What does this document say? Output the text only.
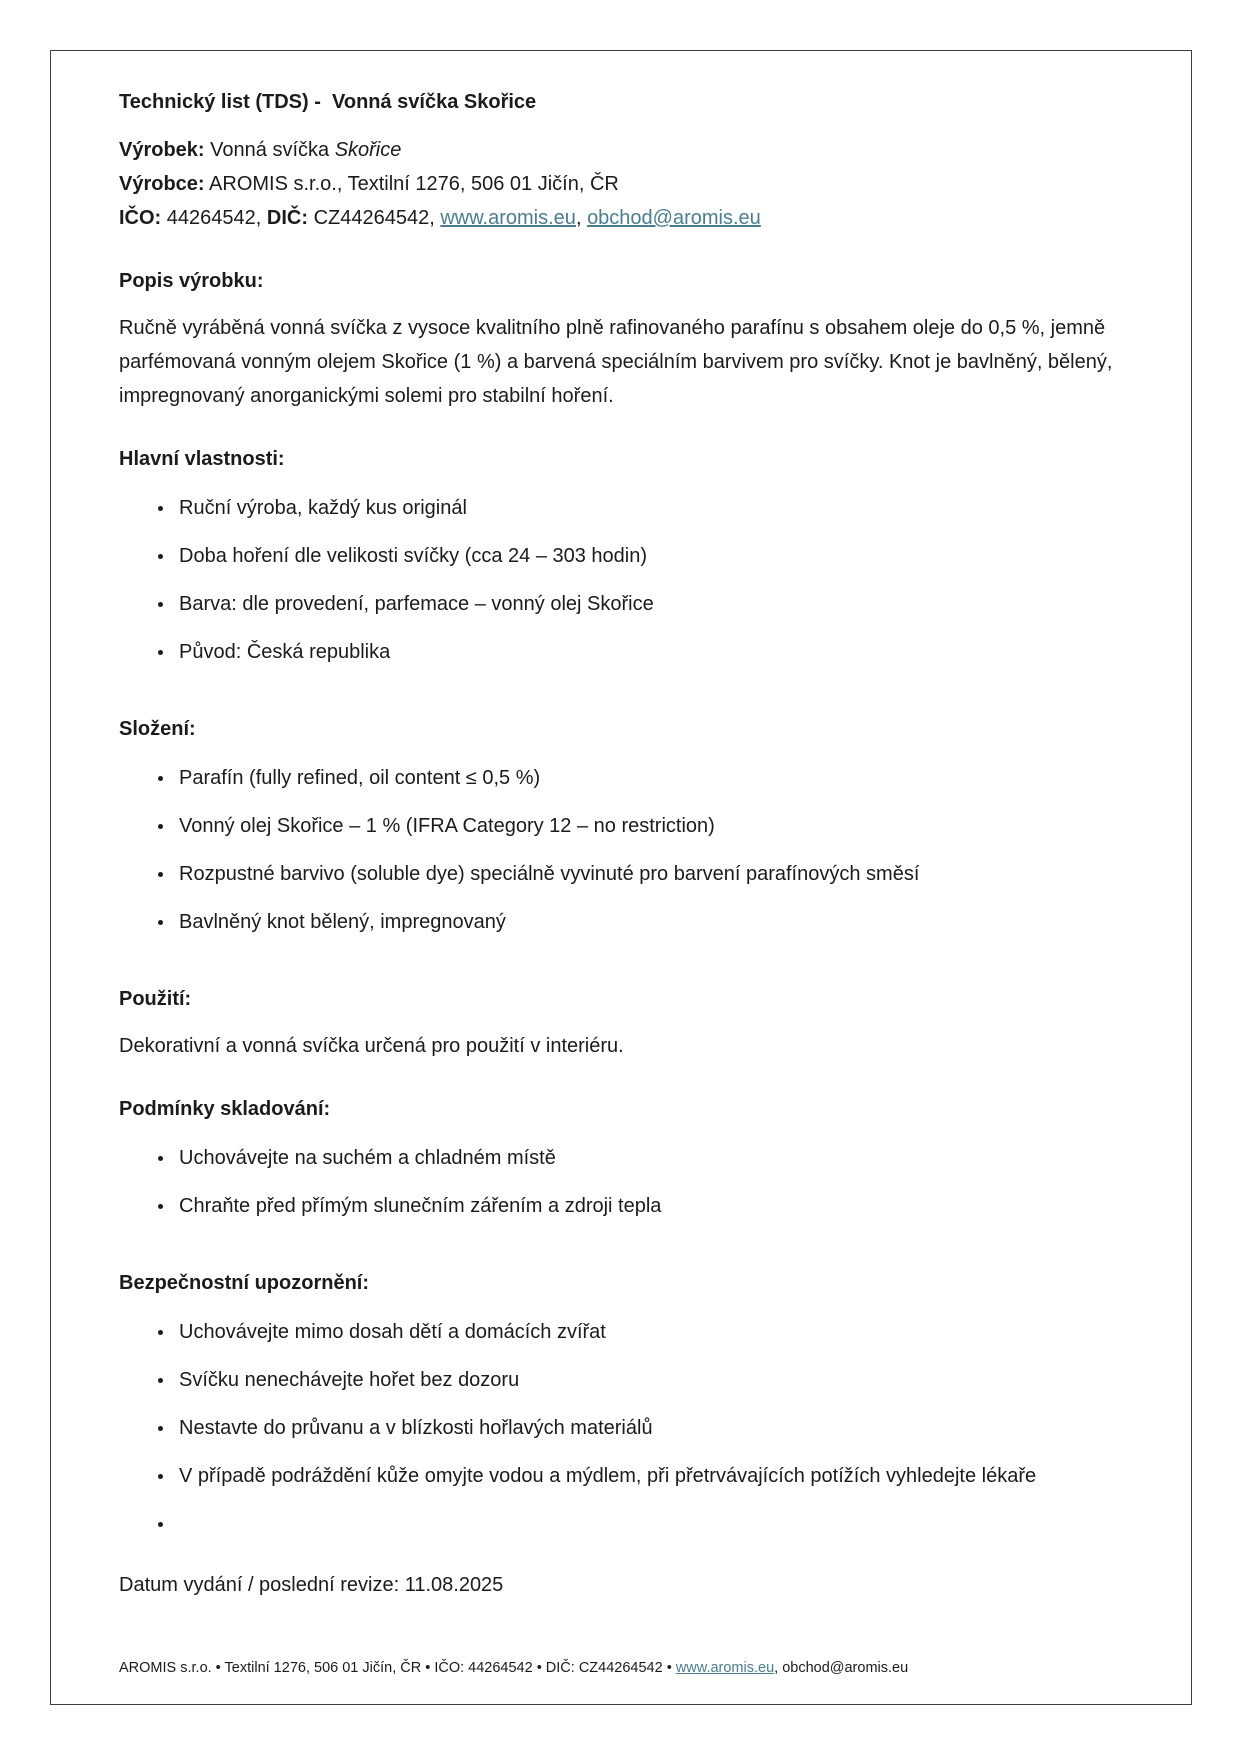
Technický list (TDS) -  Vonná svíčka Skořice

Výrobek: Vonná svíčka Skořice
Výrobce: AROMIS s.r.o., Textilní 1276, 506 01 Jičín, ČR
IČO: 44264542, DIČ: CZ44264542, www.aromis.eu, obchod@aromis.eu

Popis výrobku:

Ručně vyráběná vonná svíčka z vysoce kvalitního plně rafinovaného parafínu s obsahem oleje do 0,5 %, jemně parfémovaná vonným olejem Skořice (1 %) a barvená speciálním barvivem pro svíčky. Knot je bavlněný, bělený, impregnovaný anorganickými solemi pro stabilní hoření.

Hlavní vlastnosti:
• Ruční výroba, každý kus originál
• Doba hoření dle velikosti svíčky (cca 24 – 303 hodin)
• Barva: dle provedení, parfemace – vonný olej Skořice
• Původ: Česká republika
Složení:
• Parafín (fully refined, oil content ≤ 0,5 %)
• Vonný olej Skořice – 1 % (IFRA Category 12 – no restriction)
• Rozpustné barvivo (soluble dye) speciálně vyvinuté pro barvení parafínových směsí
• Bavlněný knot bělený, impregnovaný
Použití:

Dekorativní a vonná svíčka určená pro použití v interiéru.

Podmínky skladování:
• Uchovávejte na suchém a chladném místě
• Chraňte před přímým slunečním zářením a zdroji tepla
Bezpečnostní upozornění:
• Uchovávejte mimo dosah dětí a domácích zvířat
• Svíčku nenechávejte hořet bez dozoru
• Nestavte do průvanu a v blízkosti hořlavých materiálů
• V případě podráždění kůže omyjte vodou a mýdlem, při přetrvávajících potížích vyhledejte lékaře
•

Datum vydání / poslední revize: 11.08.2025

AROMIS s.r.o. • Textilní 1276, 506 01 Jičín, ČR • IČO: 44264542 • DIČ: CZ44264542 • www.aromis.eu, obchod@aromis.eu
